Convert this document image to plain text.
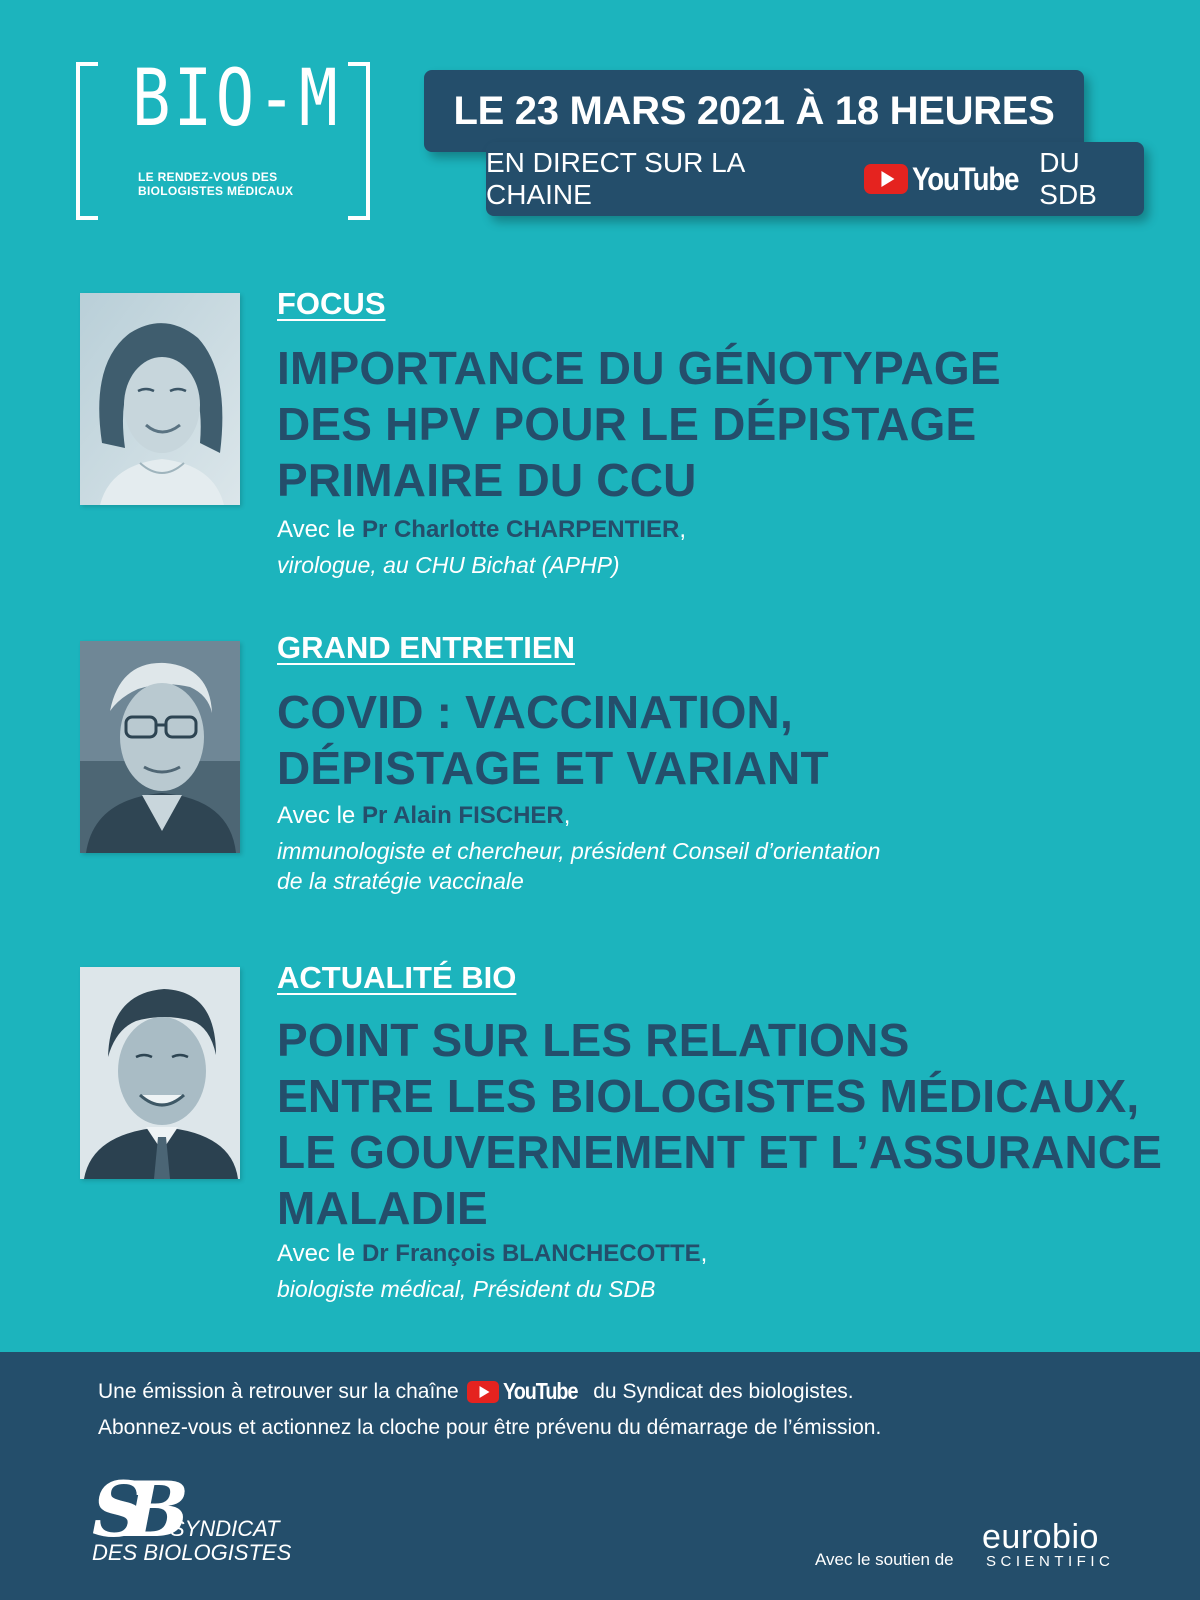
BIO-M
LE RENDEZ-VOUS DES
BIOLOGISTES MÉDICAUX
LE 23 MARS 2021 À 18 HEURES
EN DIRECT SUR LA CHAINE	YouTube DU SDB
FOCUS
IMPORTANCE DU GÉNOTYPAGE
DES HPV POUR LE DÉPISTAGE
PRIMAIRE DU CCU
Avec le Pr Charlotte CHARPENTIER,
virologue, au CHU Bichat (APHP)
GRAND ENTRETIEN
COVID : VACCINATION,
DÉPISTAGE ET VARIANT
Avec le Pr Alain FISCHER,
immunologiste et chercheur, président Conseil d’orientation
de la stratégie vaccinale
ACTUALITÉ BIO
POINT SUR LES RELATIONS
ENTRE LES BIOLOGISTES MÉDICAUX,
LE GOUVERNEMENT ET L’ASSURANCE
MALADIE
Avec le Dr François BLANCHECOTTE,
biologiste médical, Président du SDB
Une émission à retrouver sur la chaîne YouTube du Syndicat des biologistes.
Abonnez-vous et actionnez la cloche pour être prévenu du démarrage de l’émission.
SB SYNDICAT
DES BIOLOGISTES	Avec le soutien de
eurobio
SCIENTIFIC
